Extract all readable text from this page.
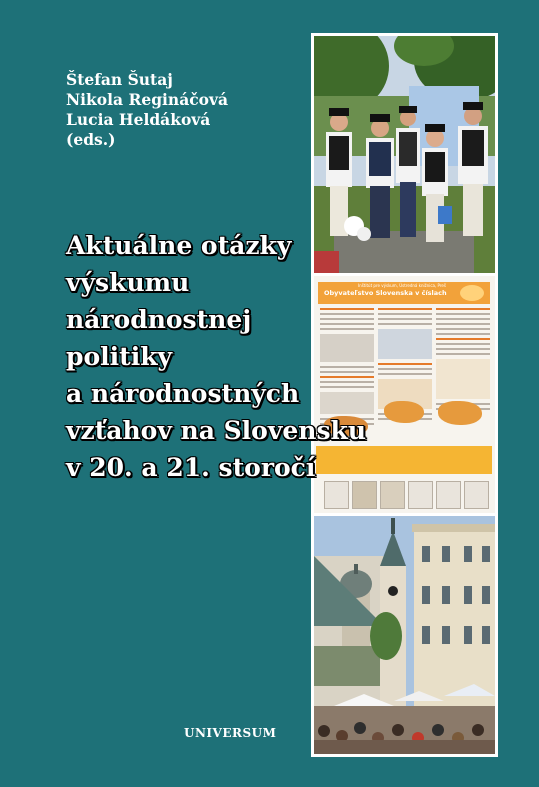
Štefan Šutaj
Nikola Regináčová
Lucia Heldáková
(eds.)
Inštitút pre výskum, Ústredná knižnica, Preš
Obyvateľstvo Slovenska v číslach
Aktuálne otázky
výskumu
národnostnej
politiky
a národnostných
vzťahov na Slovensku
v 20. a 21. storočí
UNIVERSUM
